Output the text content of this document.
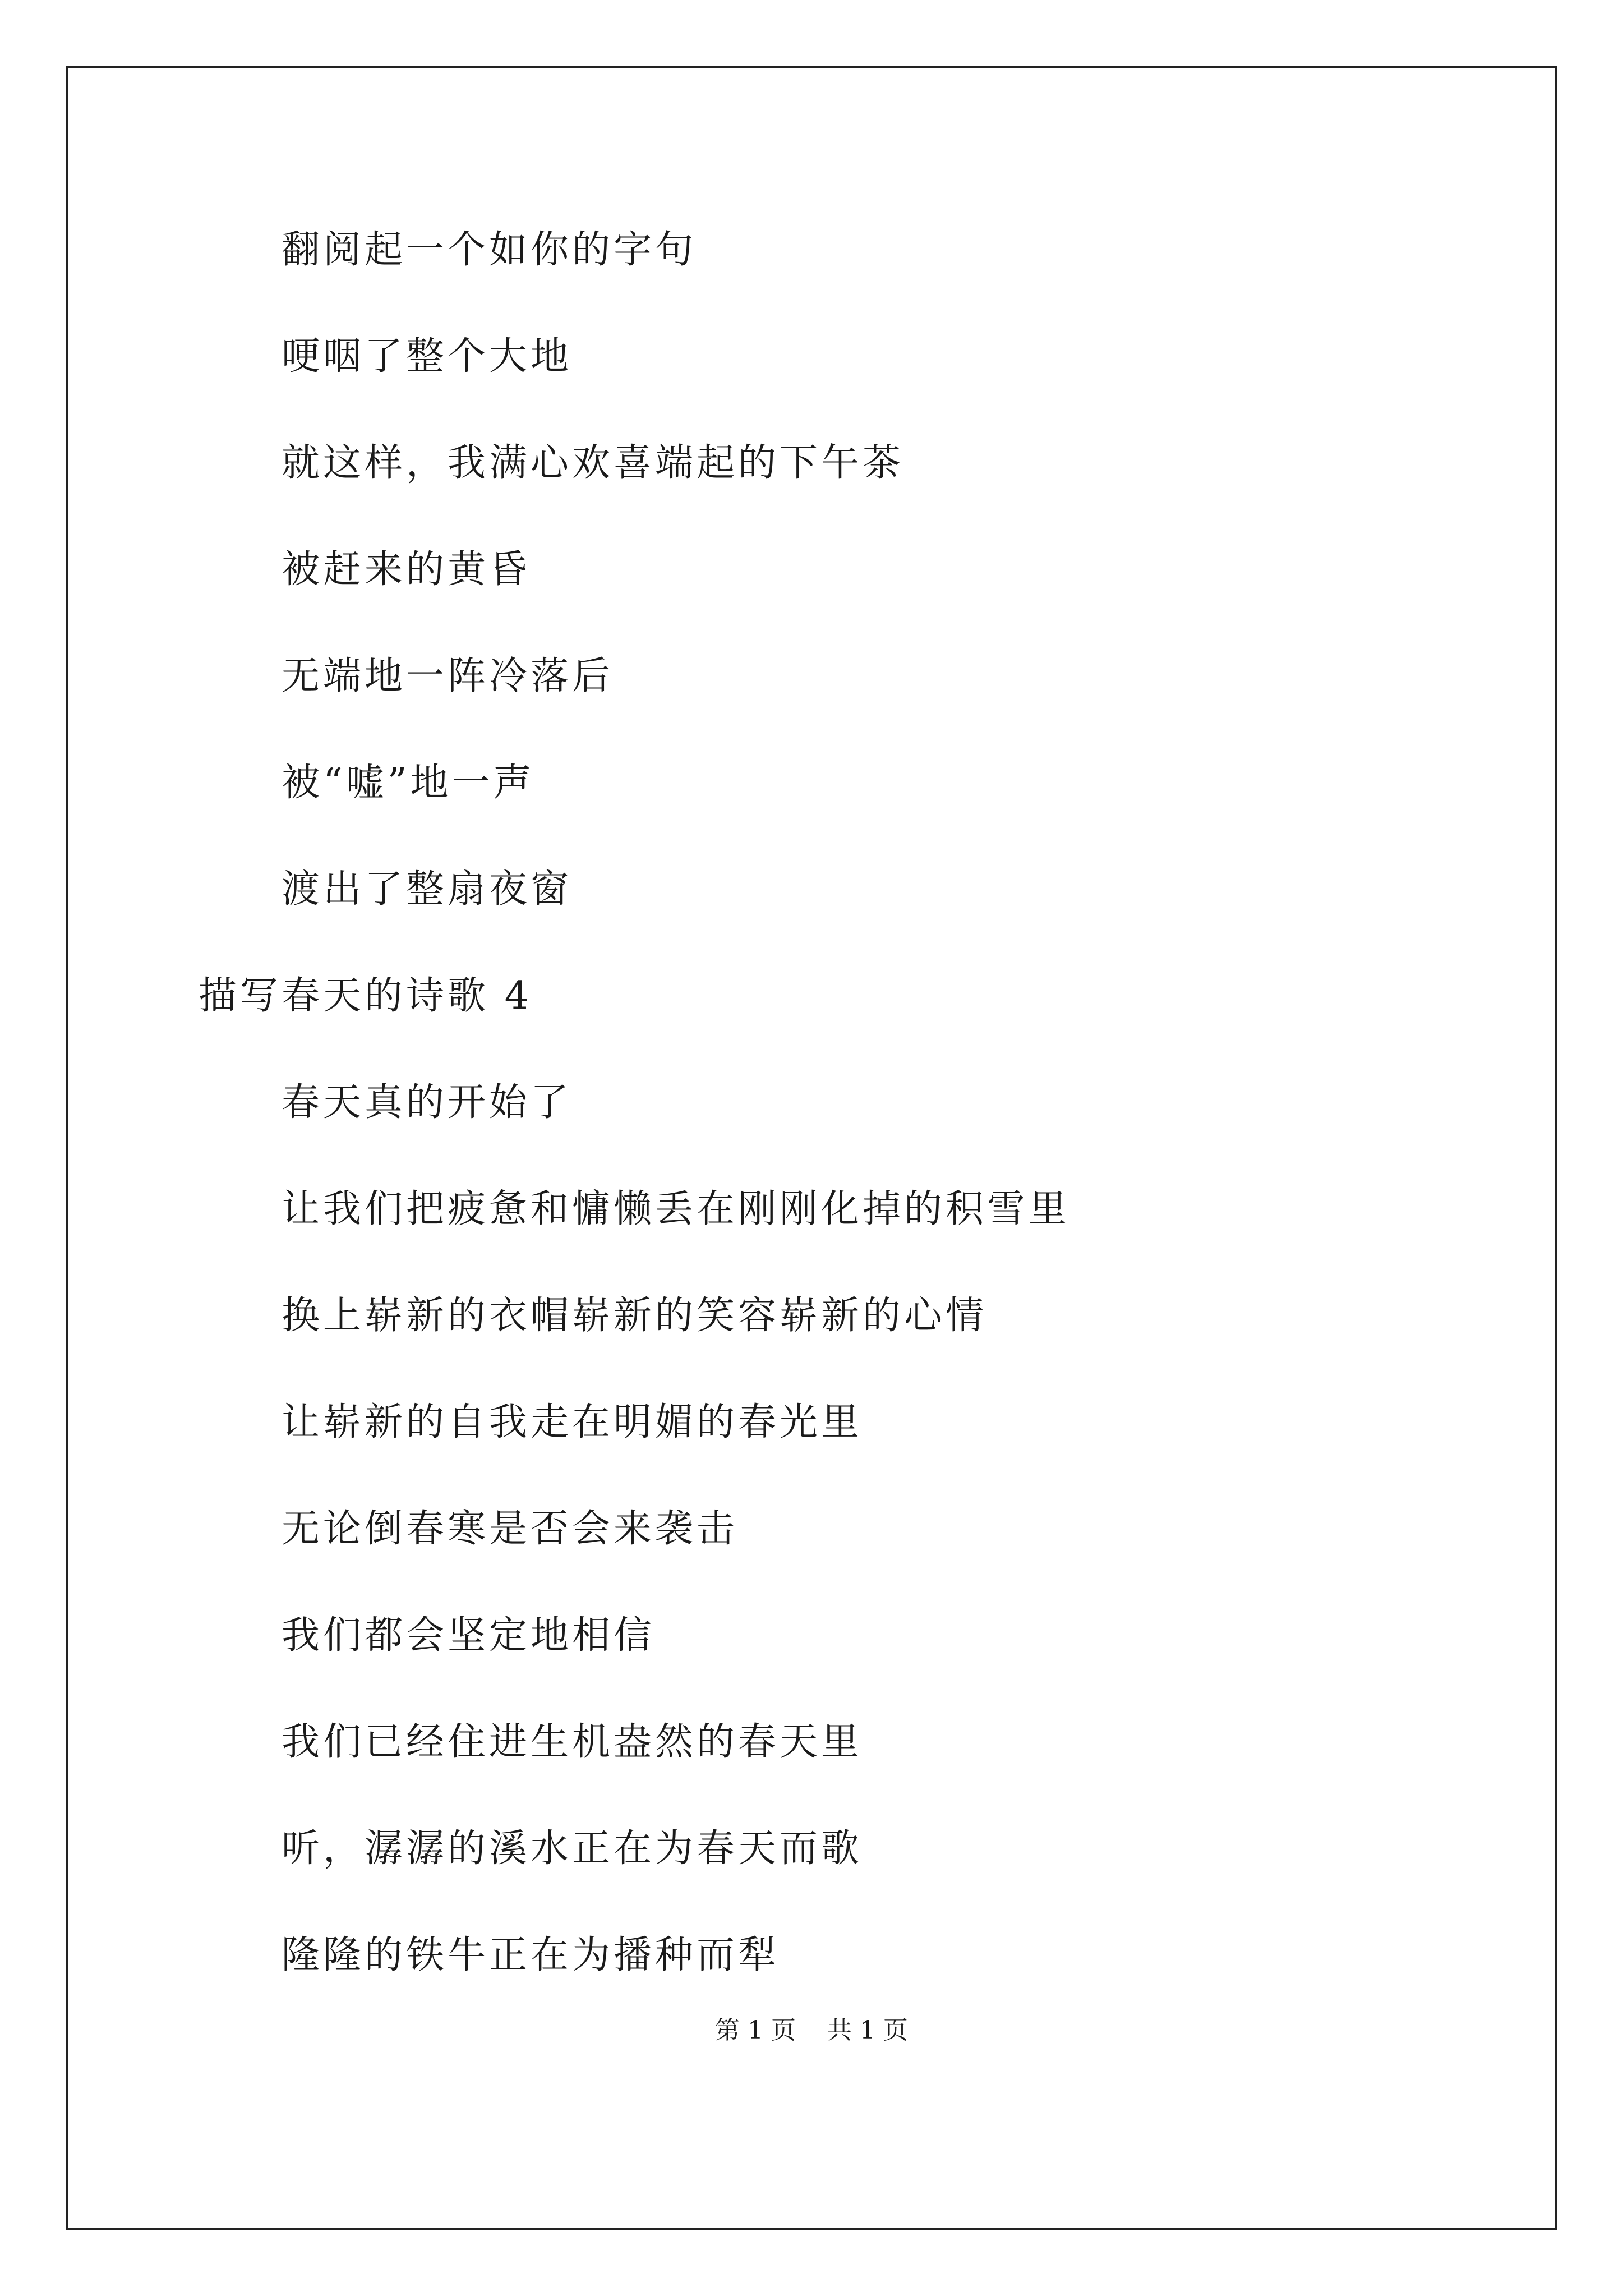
翻阅起一个如你的字句
哽咽了整个大地
就这样，我满心欢喜端起的下午茶
被赶来的黄昏
无端地一阵冷落后
被“嘘”地一声
渡出了整扇夜窗
描写春天的诗歌 4
春天真的开始了
让我们把疲惫和慵懒丢在刚刚化掉的积雪里
换上崭新的衣帽崭新的笑容崭新的心情
让崭新的自我走在明媚的春光里
无论倒春寒是否会来袭击
我们都会坚定地相信
我们已经住进生机盎然的春天里
听，潺潺的溪水正在为春天而歌
隆隆的铁牛正在为播种而犁
第 1 页    共 1 页
